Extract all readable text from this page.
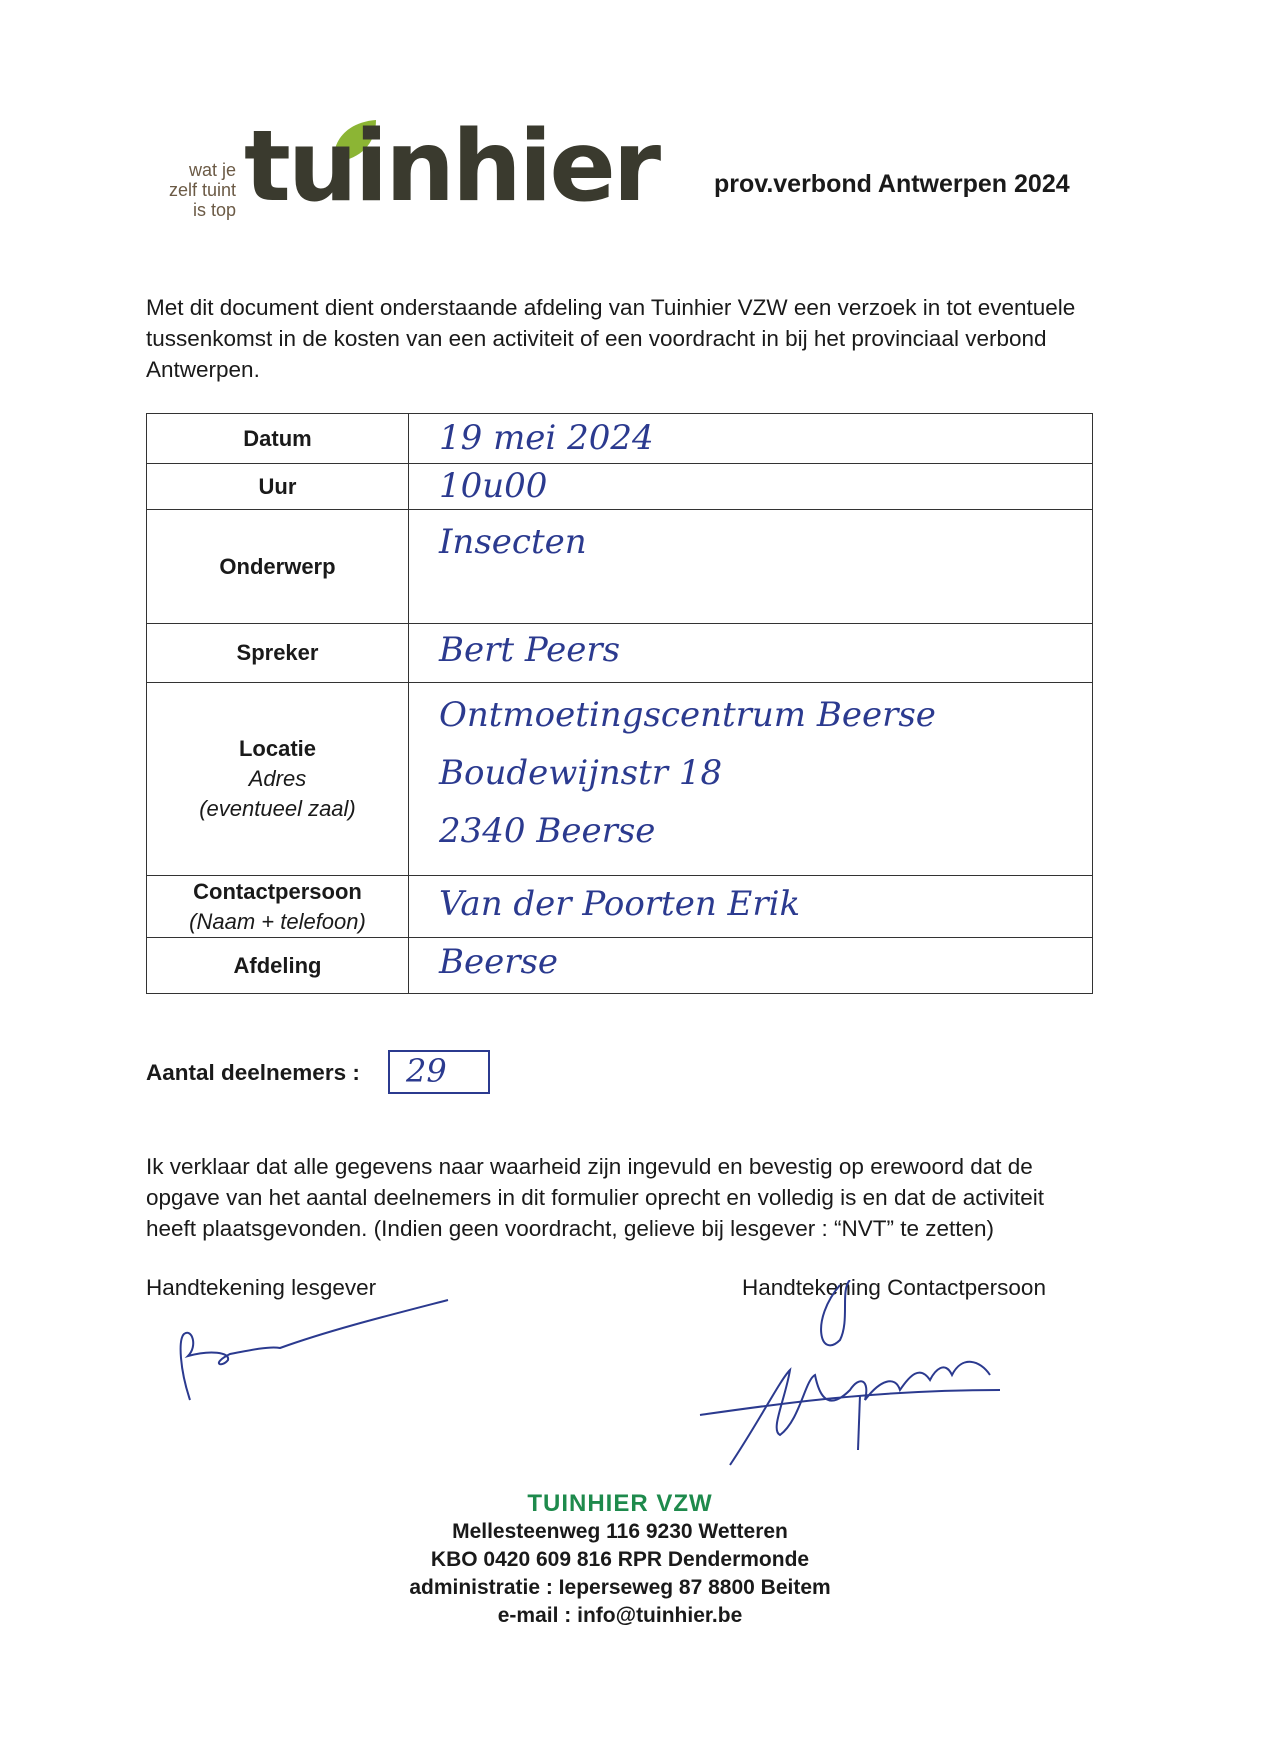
wat je
zelf tuint
is top tuinhier prov.verbond Antwerpen 2024
Met dit document dient onderstaande afdeling van Tuinhier VZW een verzoek in tot eventuele tussenkomst in de kosten van een activiteit of een voordracht in bij het provinciaal verbond Antwerpen.
Datum	19 mei 2024

Uur	10u00

Onderwerp	Insecten

Spreker	Bert Peers

Locatie
Adres
(eventueel zaal)	Ontmoetingscentrum Beerse
Boudewijnstr 18
2340 Beerse

Contactpersoon
(Naam + telefoon)	Van der Poorten Erik

Afdeling	Beerse
Aantal deelnemers : 29
Ik verklaar dat alle gegevens naar waarheid zijn ingevuld en bevestig op erewoord dat de opgave van het aantal deelnemers in dit formulier oprecht en volledig is en dat de activiteit heeft plaatsgevonden. (Indien geen voordracht, gelieve bij lesgever : “NVT” te zetten)
Handtekening lesgever	Handtekening Contactpersoon
TUINHIER VZW
Mellesteenweg 116 9230 Wetteren
KBO 0420 609 816 RPR Dendermonde
administratie : Ieperseweg 87 8800 Beitem
e-mail : info@tuinhier.be
